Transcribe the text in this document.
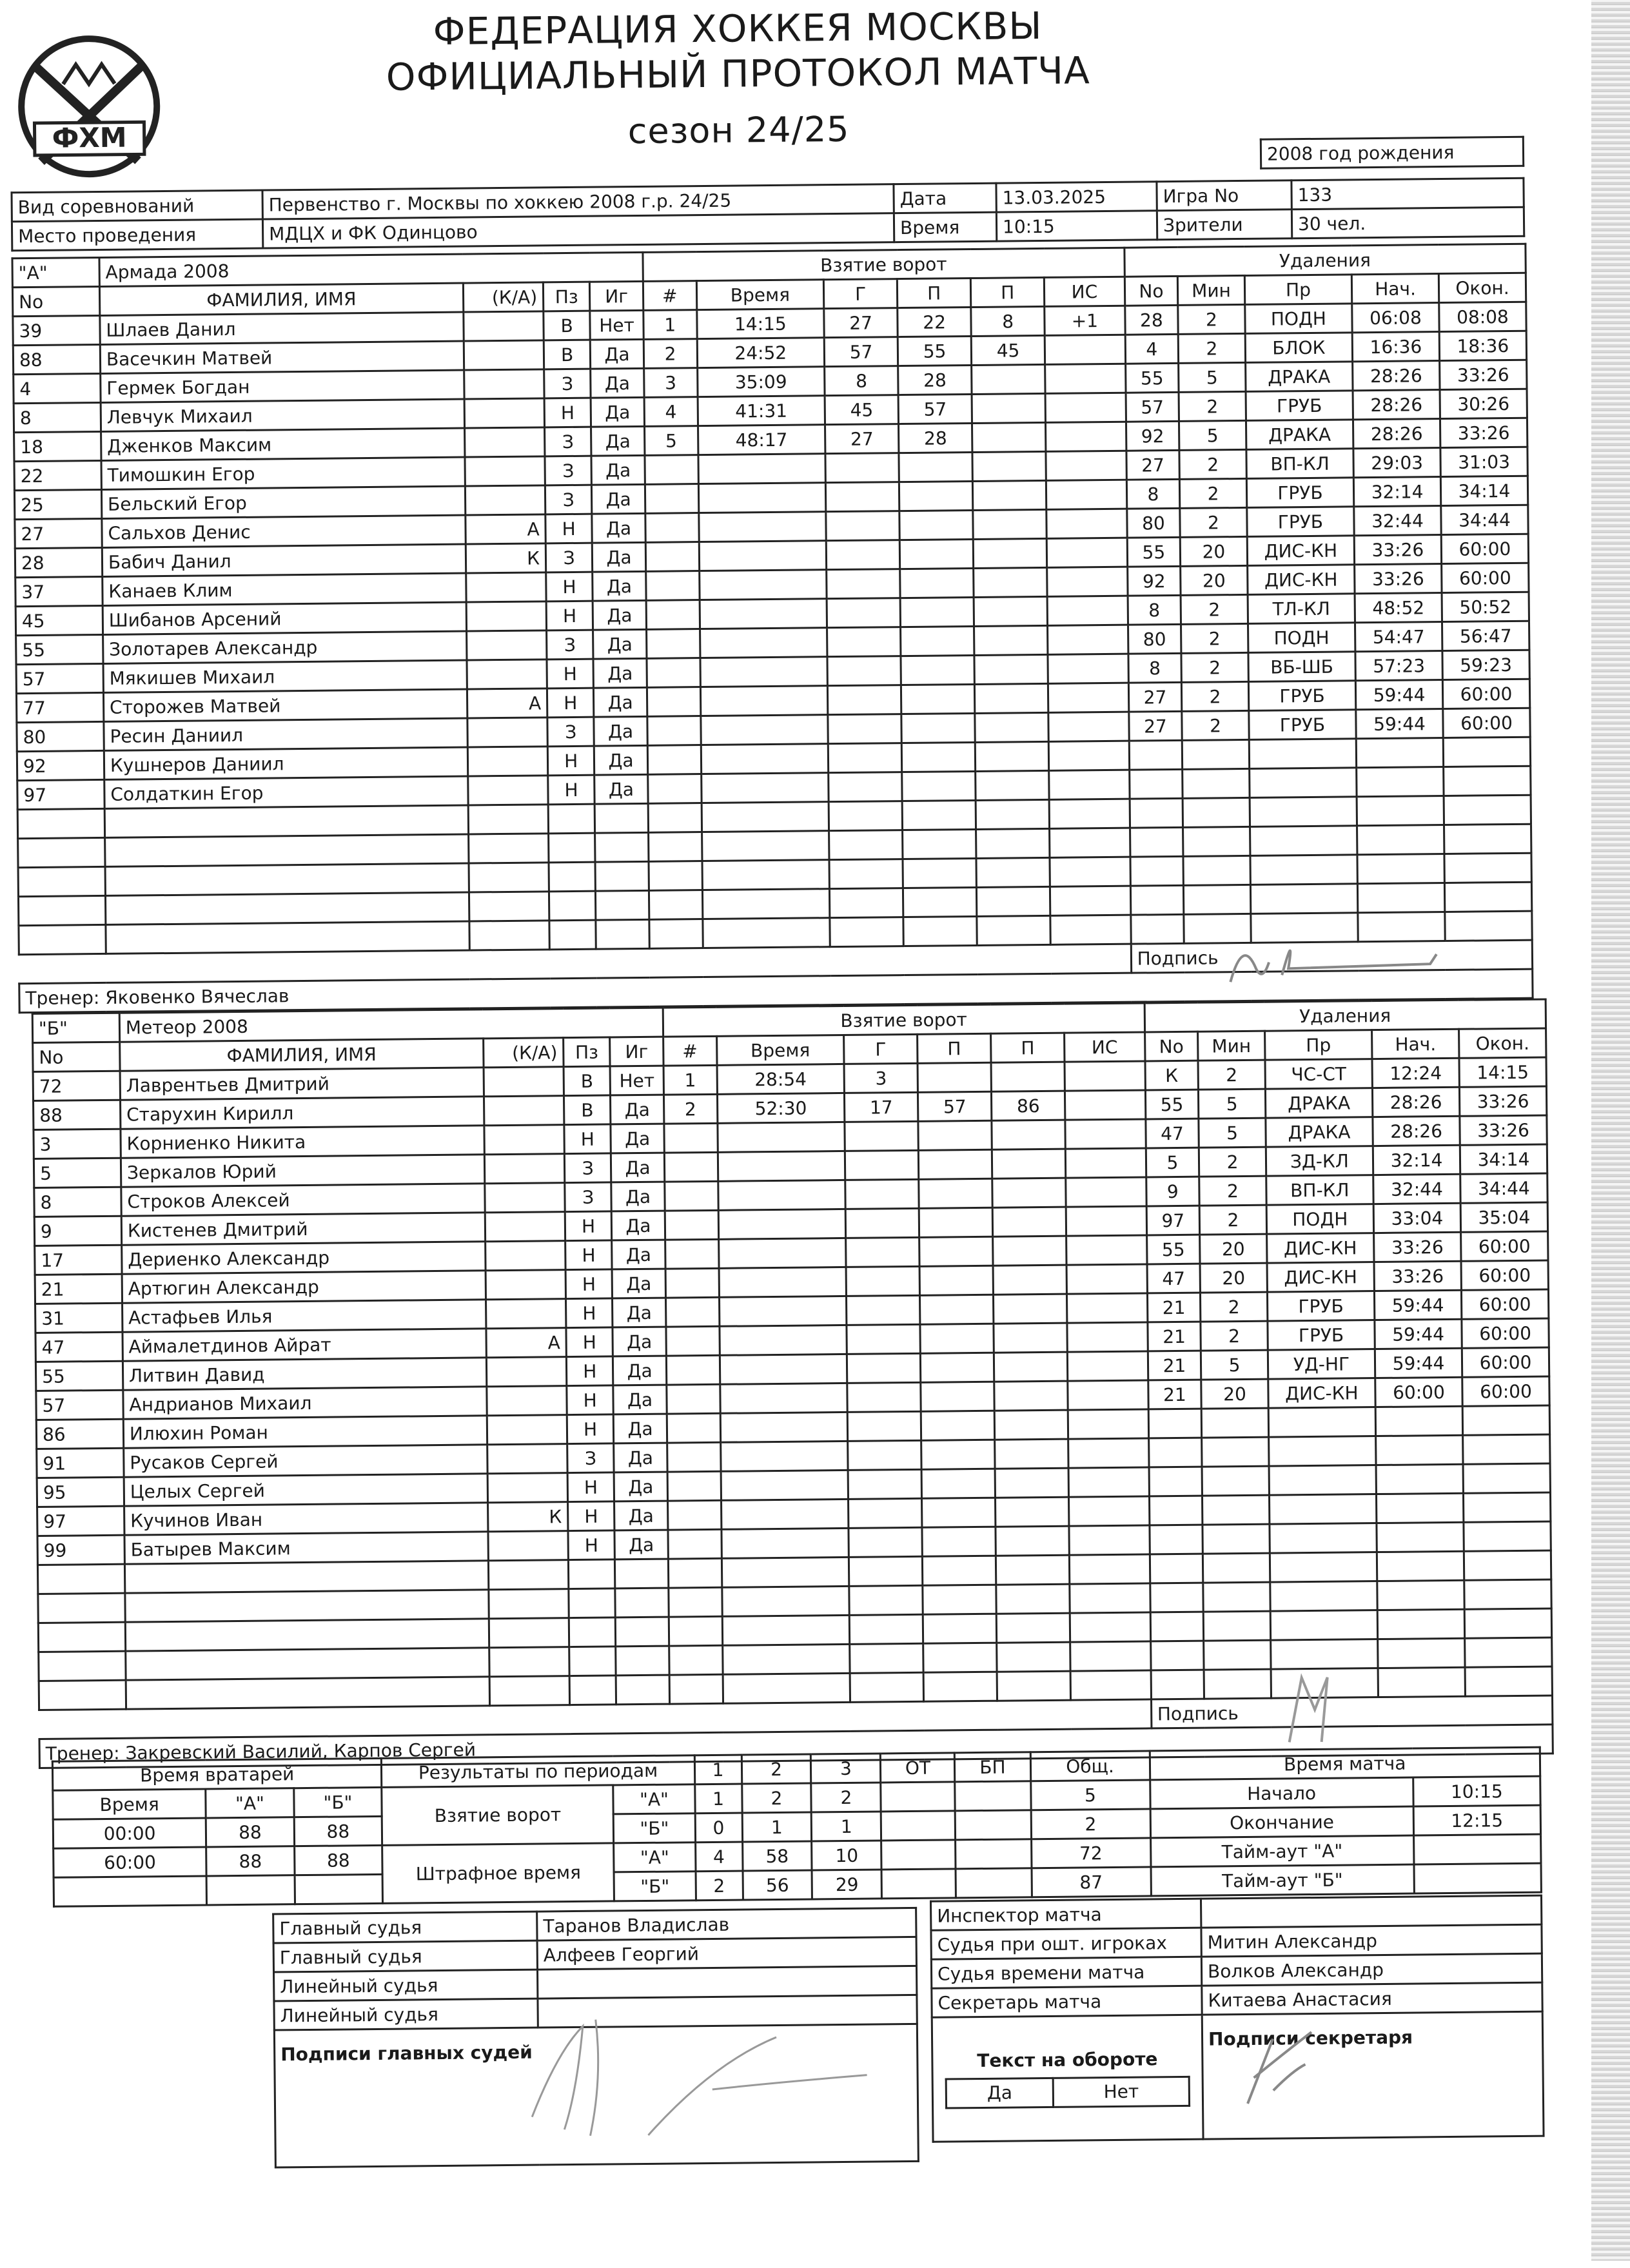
ФХМ
ФЕДЕРАЦИЯ ХОККЕЯ МОСКВЫ
ОФИЦИАЛЬНЫЙ ПРОТОКОЛ МАТЧА
сезон 24/25
2008 год рождения
Вид соревнований	Первенство г. Москвы по хоккею 2008 г.р. 24/25	Дата	13.03.2025	Игра No	133
Место проведения	МДЦХ и ФК Одинцово	Время	10:15	Зрители	30 чел.
"А"	Армада 2008				Взятие ворот						Удаления				
No	ФАМИЛИЯ, ИМЯ	(К/А)	Пз	Иг	#	Время	Г	П	П	ИС	No	Мин	Пр	Нач.	Окон.
39	Шлаев Данил		В	Нет	1	14:15	27	22	8	+1	28	2	ПОДН	06:08	08:08
88	Васечкин Матвей		В	Да	2	24:52	57	55	45		4	2	БЛОК	16:36	18:36
4	Гермек Богдан		З	Да	3	35:09	8	28			55	5	ДРАКА	28:26	33:26
8	Левчук Михаил		Н	Да	4	41:31	45	57			57	2	ГРУБ	28:26	30:26
18	Дженков Максим		З	Да	5	48:17	27	28			92	5	ДРАКА	28:26	33:26
22	Тимошкин Егор		З	Да							27	2	ВП-КЛ	29:03	31:03
25	Бельский Егор		З	Да							8	2	ГРУБ	32:14	34:14
27	Сальхов Денис	А	Н	Да							80	2	ГРУБ	32:44	34:44
28	Бабич Данил	К	З	Да							55	20	ДИС-КН	33:26	60:00
37	Канаев Клим		Н	Да							92	20	ДИС-КН	33:26	60:00
45	Шибанов Арсений		Н	Да							8	2	ТЛ-КЛ	48:52	50:52
55	Золотарев Александр		З	Да							80	2	ПОДН	54:47	56:47
57	Мякишев Михаил		Н	Да							8	2	ВБ-ШБ	57:23	59:23
77	Сторожев Матвей	А	Н	Да							27	2	ГРУБ	59:44	60:00
80	Ресин Даниил		З	Да							27	2	ГРУБ	59:44	60:00
92	Кушнеров Даниил		Н	Да											
97	Солдаткин Егор		Н	Да											

											Подпись				
Тренер: Яковенко Вячеслав															
"Б"	Метеор 2008				Взятие ворот						Удаления				
No	ФАМИЛИЯ, ИМЯ	(К/А)	Пз	Иг	#	Время	Г	П	П	ИС	No	Мин	Пр	Нач.	Окон.
72	Лаврентьев Дмитрий		В	Нет	1	28:54	3				К	2	ЧС-СТ	12:24	14:15
88	Старухин Кирилл		В	Да	2	52:30	17	57	86		55	5	ДРАКА	28:26	33:26
3	Корниенко Никита		Н	Да							47	5	ДРАКА	28:26	33:26
5	Зеркалов Юрий		З	Да							5	2	ЗД-КЛ	32:14	34:14
8	Строков Алексей		З	Да							9	2	ВП-КЛ	32:44	34:44
9	Кистенев Дмитрий		Н	Да							97	2	ПОДН	33:04	35:04
17	Дериенко Александр		Н	Да							55	20	ДИС-КН	33:26	60:00
21	Артюгин Александр		Н	Да							47	20	ДИС-КН	33:26	60:00
31	Астафьев Илья		Н	Да							21	2	ГРУБ	59:44	60:00
47	Аймалетдинов Айрат	А	Н	Да							21	2	ГРУБ	59:44	60:00
55	Литвин Давид		Н	Да							21	5	УД-НГ	59:44	60:00
57	Андрианов Михаил		Н	Да							21	20	ДИС-КН	60:00	60:00
86	Илюхин Роман		Н	Да											
91	Русаков Сергей		З	Да											
95	Целых Сергей		Н	Да											
97	Кучинов Иван	К	Н	Да											
99	Батырев Максим		Н	Да											

											Подпись				
Тренер: Закревский Василий, Карпов Сергей															
Время вратарей			Результаты по периодам		1	2	3	ОТ	БП	Общ.	Время матча	
Время	"А"	"Б"	Взятие ворот	"А"	1	2	2			5	Начало	10:15
00:00	88	88		"Б"	0	1	1			2	Окончание	12:15
60:00	88	88	Штрафное время	"А"	4	58	10			72	Тайм-аут "А"	
				"Б"	2	56	29			87	Тайм-аут "Б"	
Главный судья	Таранов Владислав
Главный судья	Алфеев Георгий
Линейный судья	
Линейный судья	
Подписи главных судей	
Инспектор матча	
Судья при ошт. игроках	Митин Александр
Судья времени матча	Волков Александр
Секретарь матча	Китаева Анастасия

Текст на обороте
Да	Нет
	Подписи секретаря
